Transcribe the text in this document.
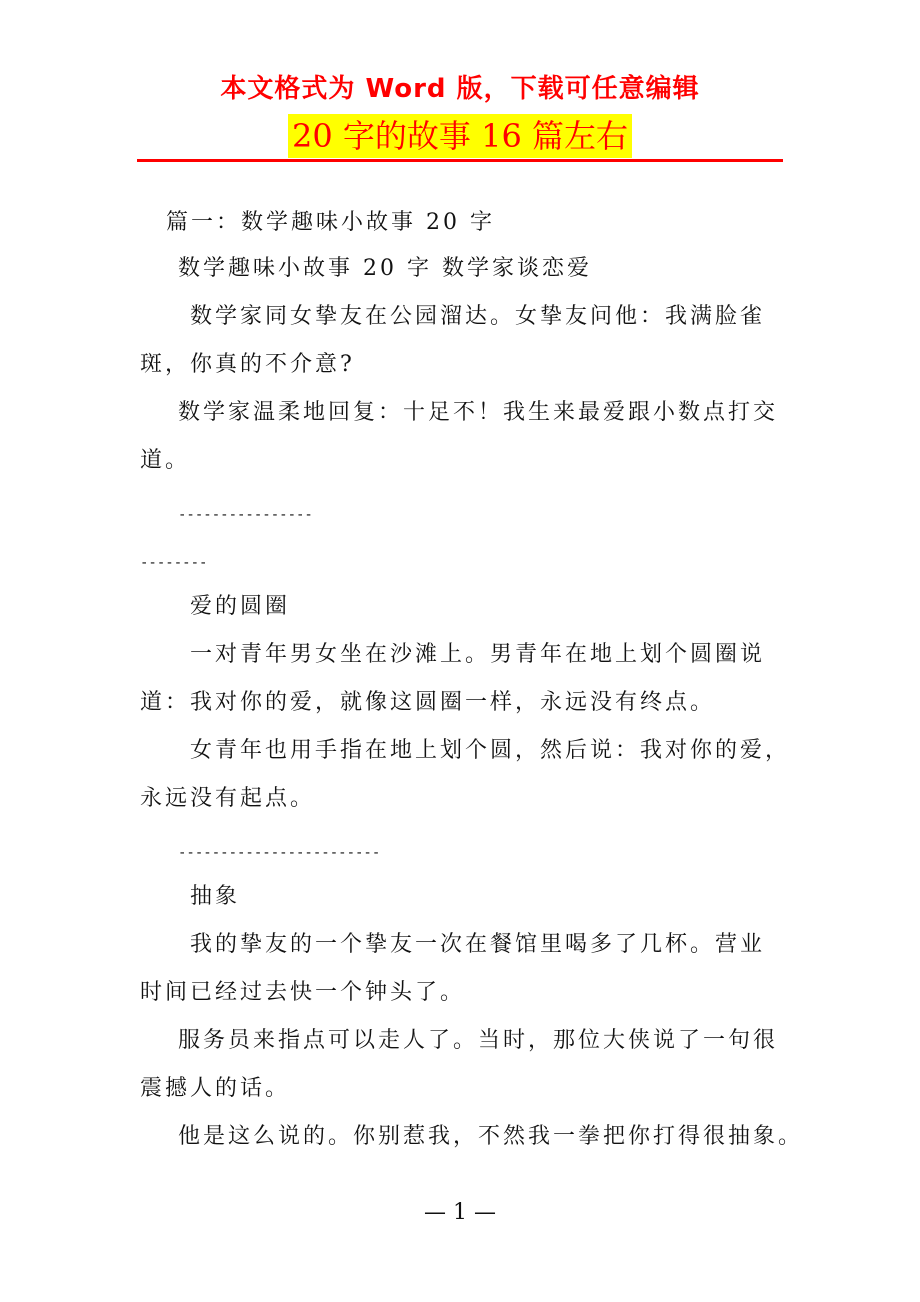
本文格式为 Word 版，下载可任意编辑
20 字的故事 16 篇左右
篇一：数学趣味小故事 20 字
数学趣味小故事 20 字 数学家谈恋爱
数学家同女挚友在公园溜达。女挚友问他：我满脸雀
斑，你真的不介意?
数学家温柔地回复：十足不！我生来最爱跟小数点打交
道。
----------------
--------
爱的圆圈
一对青年男女坐在沙滩上。男青年在地上划个圆圈说
道：我对你的爱，就像这圆圈一样，永远没有终点。
女青年也用手指在地上划个圆，然后说：我对你的爱，
永远没有起点。
------------------------
抽象
我的挚友的一个挚友一次在餐馆里喝多了几杯。营业
时间已经过去快一个钟头了。
服务员来指点可以走人了。当时，那位大侠说了一句很
震撼人的话。
他是这么说的。你别惹我，不然我一拳把你打得很抽象。
— 1 —
